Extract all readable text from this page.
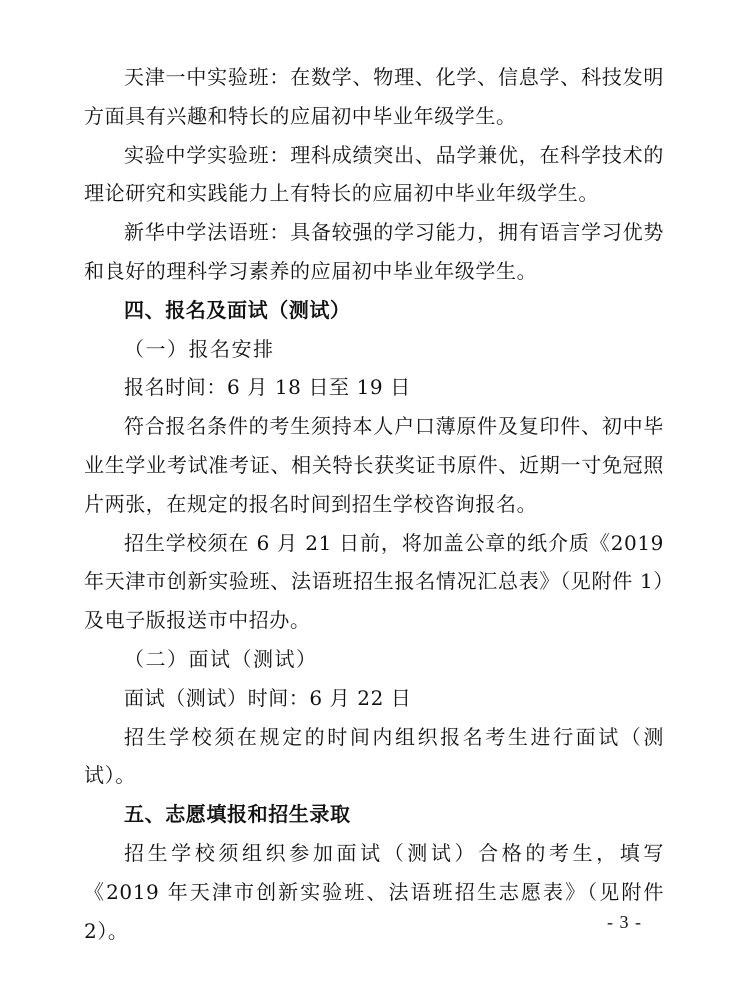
天津一中实验班：在数学、物理、化学、信息学、科技发明方面具有兴趣和特长的应届初中毕业年级学生。

实验中学实验班：理科成绩突出、品学兼优，在科学技术的理论研究和实践能力上有特长的应届初中毕业年级学生。

新华中学法语班：具备较强的学习能力，拥有语言学习优势和良好的理科学习素养的应届初中毕业年级学生。

四、报名及面试（测试）

（一）报名安排

报名时间：6 月 18 日至 19 日

符合报名条件的考生须持本人户口薄原件及复印件、初中毕业生学业考试准考证、相关特长获奖证书原件、近期一寸免冠照片两张，在规定的报名时间到招生学校咨询报名。

招生学校须在 6 月 21 日前，将加盖公章的纸介质《2019 年天津市创新实验班、法语班招生报名情况汇总表》（见附件 1）及电子版报送市中招办。

（二）面试（测试）

面试（测试）时间：6 月 22 日

招生学校须在规定的时间内组织报名考生进行面试（测试）。

五、志愿填报和招生录取

招生学校须组织参加面试（测试）合格的考生，填写《2019 年天津市创新实验班、法语班招生志愿表》（见附件 2）。	- 3 -
